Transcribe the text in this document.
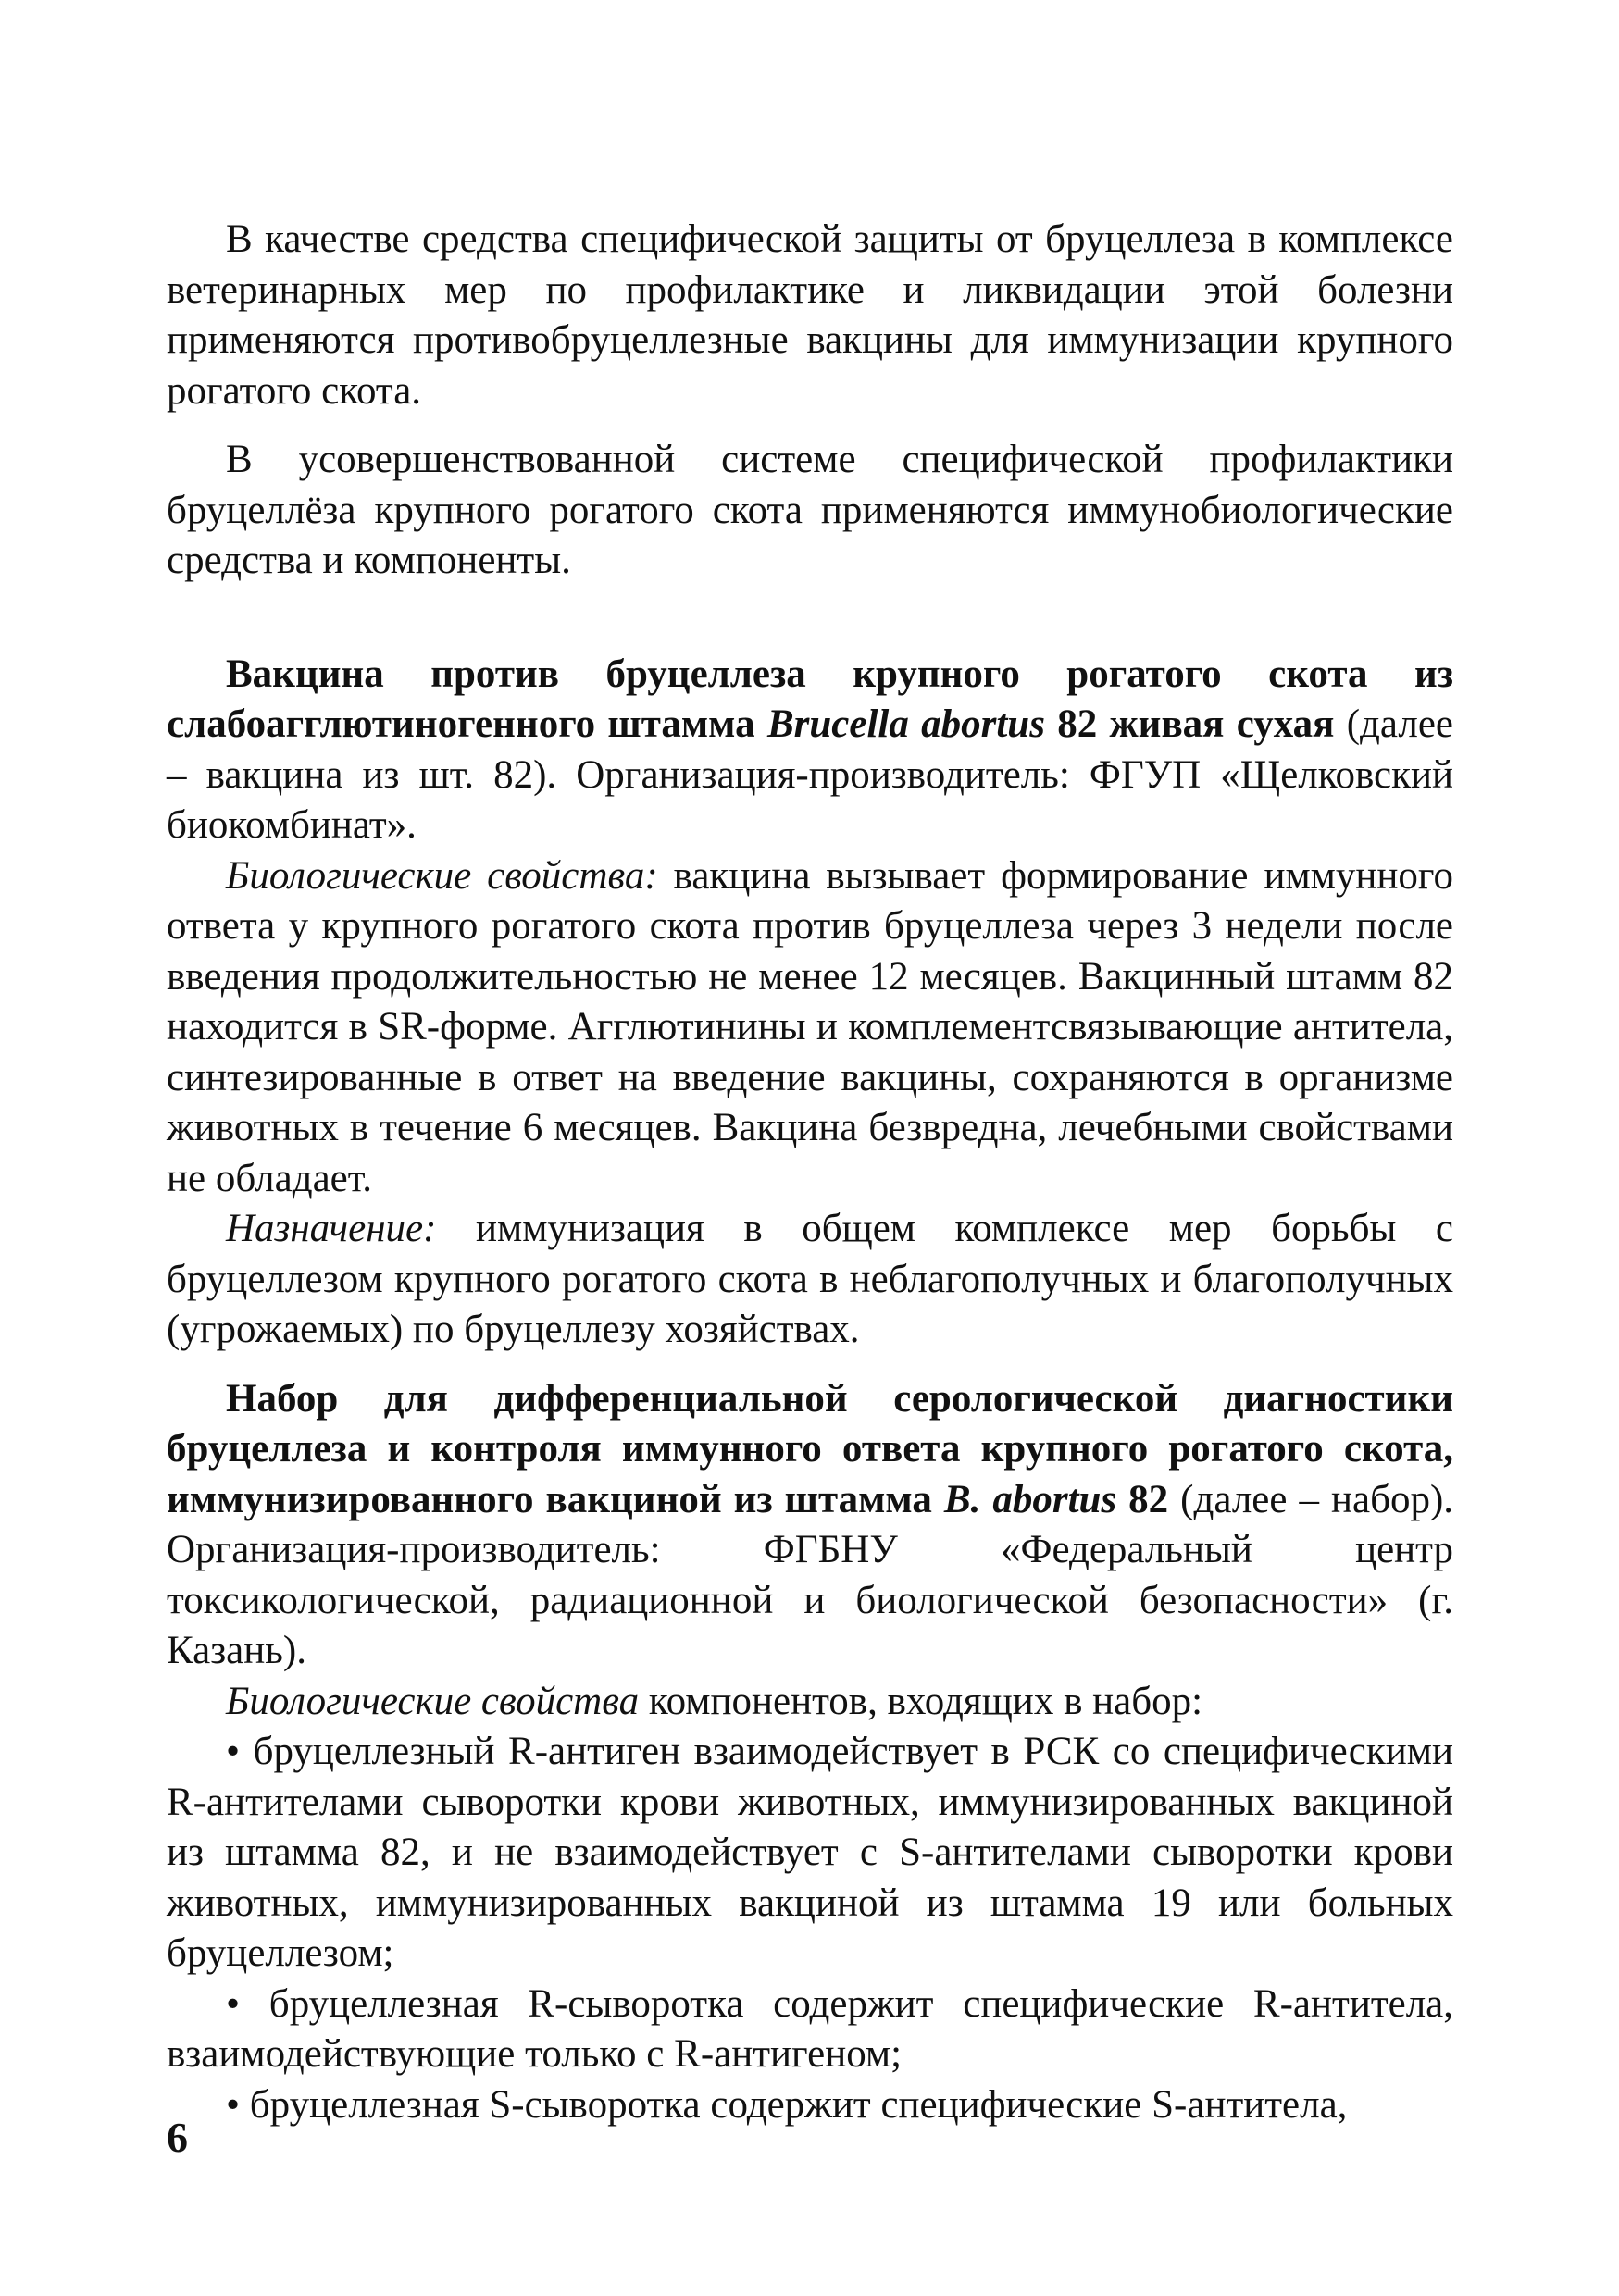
В качестве средства специфической защиты от бруцеллеза в комплексе ветеринарных мер по профилактике и ликвидации этой болезни применяются противобруцеллезные вакцины для иммунизации крупного рогатого скота.

В усовершенствованной системе специфической профилактики бруцеллёза крупного рогатого скота применяются иммунобиологические средства и компоненты.

Вакцина против бруцеллеза крупного рогатого скота из слабоагглютиногенного штамма Brucella abortus 82 живая сухая (далее – вакцина из шт. 82). Организация-производитель: ФГУП «Щелковский биокомбинат».

Биологические свойства: вакцина вызывает формирование иммунного ответа у крупного рогатого скота против бруцеллеза через 3 недели после введения продолжительностью не менее 12 месяцев. Вакцинный штамм 82 находится в SR-форме. Агглютинины и комплементсвязывающие антитела, синтезированные в ответ на введение вакцины, сохраняются в организме животных в течение 6 месяцев. Вакцина безвредна, лечебными свойствами не обладает.

Назначение: иммунизация в общем комплексе мер борьбы с бруцеллезом крупного рогатого скота в неблагополучных и благополучных (угрожаемых) по бруцеллезу хозяйствах.

Набор для дифференциальной серологической диагностики бруцеллеза и контроля иммунного ответа крупного рогатого скота, иммунизированного вакциной из штамма B. abortus 82 (далее – набор). Организация-производитель: ФГБНУ «Федеральный центр токсикологической, радиационной и биологической безопасности» (г. Казань).

Биологические свойства компонентов, входящих в набор:

• бруцеллезный R-антиген взаимодействует в РСК со специфическими R-антителами сыворотки крови животных, иммунизированных вакциной из штамма 82, и не взаимодействует с S-антителами сыворотки крови животных, иммунизированных вакциной из штамма 19 или больных бруцеллезом;

• бруцеллезная R-сыворотка содержит специфические R-антитела, взаимодействующие только с R-антигеном;

• бруцеллезная S-сыворотка содержит специфические S-антитела,

6
